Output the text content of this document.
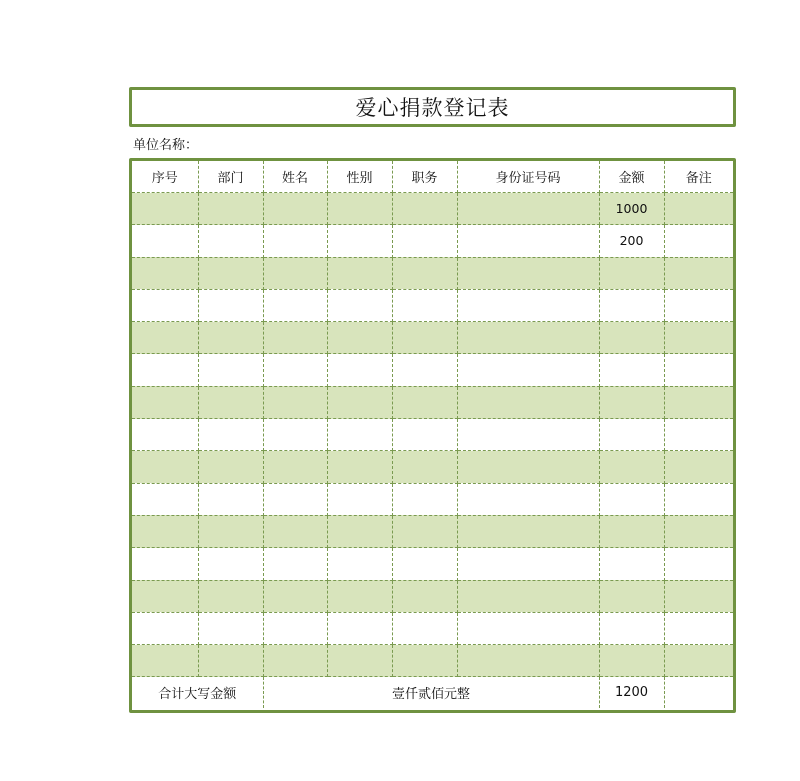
爱心捐款登记表
单位名称：
序号	部门	姓名	性别	职务	身份证号码	金额	备注
						1000	
						200	

合计大写金额		壹仟贰佰元整				1200	
